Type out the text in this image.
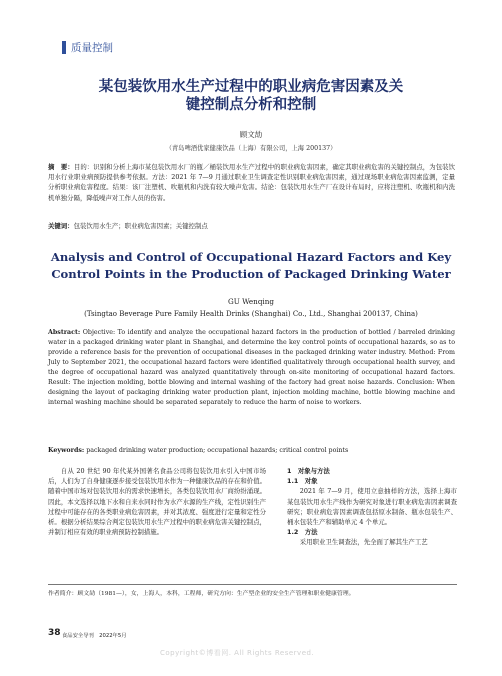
质量控制
某包装饮用水生产过程中的职业病危害因素及关
键控制点分析和控制
顾文劼
（青岛啤酒优家健康饮品（上海）有限公司，上海 200137）
摘　要：目的：识别和分析上海市某包装饮用水厂的瓶／桶装饮用水生产过程中的职业病危害因素，确定其职业病危害的关键控制点，为包装饮用水行业职业病预防提供参考依据。方法：2021 年 7—9 月通过职业卫生调查定性识别职业病危害因素，通过现场职业病危害因素监测，定量分析职业病危害程度。结果：该厂注塑机、吹瓶机和内洗有较大噪声危害。结论：包装饮用水生产厂在设计布局时，应将注塑机、吹瓶机和内洗机单独分隔，降低噪声对工作人员的伤害。
关键词：包装饮用水生产；职业病危害因素；关键控制点
Analysis and Control of Occupational Hazard Factors and Key
Control Points in the Production of Packaged Drinking Water
GU Wenqing
(Tsingtao Beverage Pure Family Health Drinks (Shanghai) Co., Ltd., Shanghai 200137, China)
Abstract: Objective: To identify and analyze the occupational hazard factors in the production of bottled / barreled drinking water in a packaged drinking water plant in Shanghai, and determine the key control points of occupational hazards, so as to provide a reference basis for the prevention of occupational diseases in the packaged drinking water industry. Method: From July to September 2021, the occupational hazard factors were identified qualitatively through occupational health survey, and the degree of occupational hazard was analyzed quantitatively through on-site monitoring of occupational hazard factors. Result: The injection molding, bottle blowing and internal washing of the factory had great noise hazards. Conclusion: When designing the layout of packaging drinking water production plant, injection molding machine, bottle blowing machine and internal washing machine should be separated separately to reduce the harm of noise to workers.
Keywords: packaged drinking water production; occupational hazards; critical control points

自从 20 世纪 90 年代某外国著名食品公司将包装饮用水引入中国市场后，人们为了自身健康逐步接受包装饮用水作为一种健康饮品的存在和价值。随着中国市场对包装饮用水的需求快速增长，各类包装饮用水厂商纷纷涌现。因此，本文选择以地下水和自来水同时作为水产水源的生产线，定性识别生产过程中可能存在的各类职业病危害因素，并对其浓度、强度进行定量和定性分析。根据分析结果综合判定包装饮用水生产过程中的职业病危害关键控制点，并制订相应有效的职业病预防控制措施。

1　对象与方法
1.1　对象

2021 年 7—9 月，使用立意抽样的方法，选择上海市某包装饮用水生产线作为研究对象进行职业病危害因素调查研究；职业病危害因素调查包括原水制备、瓶水包装生产、桶水包装生产和辅助单元 4 个单元。

1.2　方法

采用职业卫生调查法，先全面了解其生产工艺

作者简介：顾文劼（1981—），女，上海人，本科，工程师，研究方向：生产型企业的安全生产管理和职业健康管理。
38 食品安全导刊　2022年5月
Copyright©博看网. All Rights Reserved.
